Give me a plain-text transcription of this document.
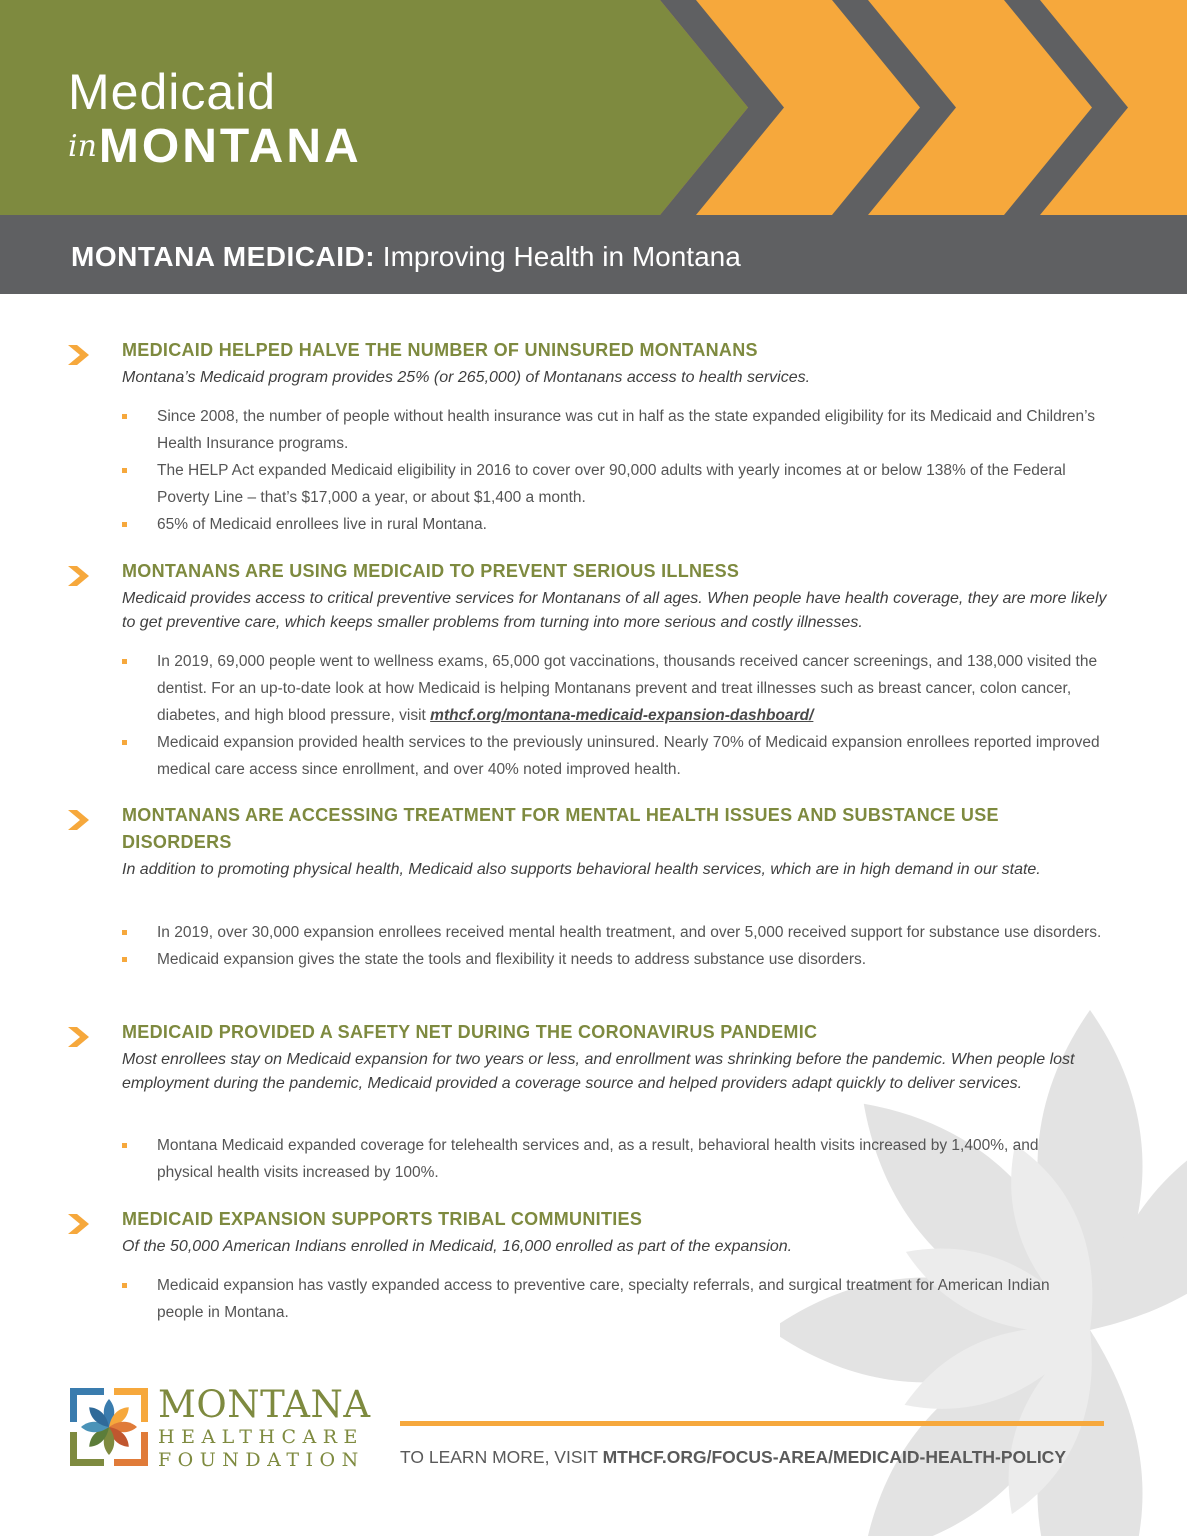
Medicaid
in MONTANA
MONTANA MEDICAID: Improving Health in Montana
MEDICAID HELPED HALVE THE NUMBER OF UNINSURED MONTANANS
Montana’s Medicaid program provides 25% (or 265,000) of Montanans access to health services.
Since 2008, the number of people without health insurance was cut in half as the state expanded eligibility for its Medicaid and Children’s Health Insurance programs.
The HELP Act expanded Medicaid eligibility in 2016 to cover over 90,000 adults with yearly incomes at or below 138% of the Federal Poverty Line – that’s $17,000 a year, or about $1,400 a month.
65% of Medicaid enrollees live in rural Montana.
MONTANANS ARE USING MEDICAID TO PREVENT SERIOUS ILLNESS
Medicaid provides access to critical preventive services for Montanans of all ages. When people have health coverage, they are more likely to get preventive care, which keeps smaller problems from turning into more serious and costly illnesses.
In 2019, 69,000 people went to wellness exams, 65,000 got vaccinations, thousands received cancer screenings, and 138,000 visited the dentist. For an up-to-date look at how Medicaid is helping Montanans prevent and treat illnesses such as breast cancer, colon cancer, diabetes, and high blood pressure, visit mthcf.org/montana-medicaid-expansion-dashboard/
Medicaid expansion provided health services to the previously uninsured. Nearly 70% of Medicaid expansion enrollees reported improved medical care access since enrollment, and over 40% noted improved health.
MONTANANS ARE ACCESSING TREATMENT FOR MENTAL HEALTH ISSUES AND SUBSTANCE USE DISORDERS
In addition to promoting physical health, Medicaid also supports behavioral health services, which are in high demand in our state.
In 2019, over 30,000 expansion enrollees received mental health treatment, and over 5,000 received support for substance use disorders.
Medicaid expansion gives the state the tools and flexibility it needs to address substance use disorders.
MEDICAID PROVIDED A SAFETY NET DURING THE CORONAVIRUS PANDEMIC
Most enrollees stay on Medicaid expansion for two years or less, and enrollment was shrinking before the pandemic. When people lost employment during the pandemic, Medicaid provided a coverage source and helped providers adapt quickly to deliver services.
Montana Medicaid expanded coverage for telehealth services and, as a result, behavioral health visits increased by 1,400%, and physical health visits increased by 100%.
MEDICAID EXPANSION SUPPORTS TRIBAL COMMUNITIES
Of the 50,000 American Indians enrolled in Medicaid, 16,000 enrolled as part of the expansion.
Medicaid expansion has vastly expanded access to preventive care, specialty referrals, and surgical treatment for American Indian people in Montana.
MONTANA
HEALTHCARE
FOUNDATION	TO LEARN MORE, VISIT MTHCF.ORG/FOCUS-AREA/MEDICAID-HEALTH-POLICY
